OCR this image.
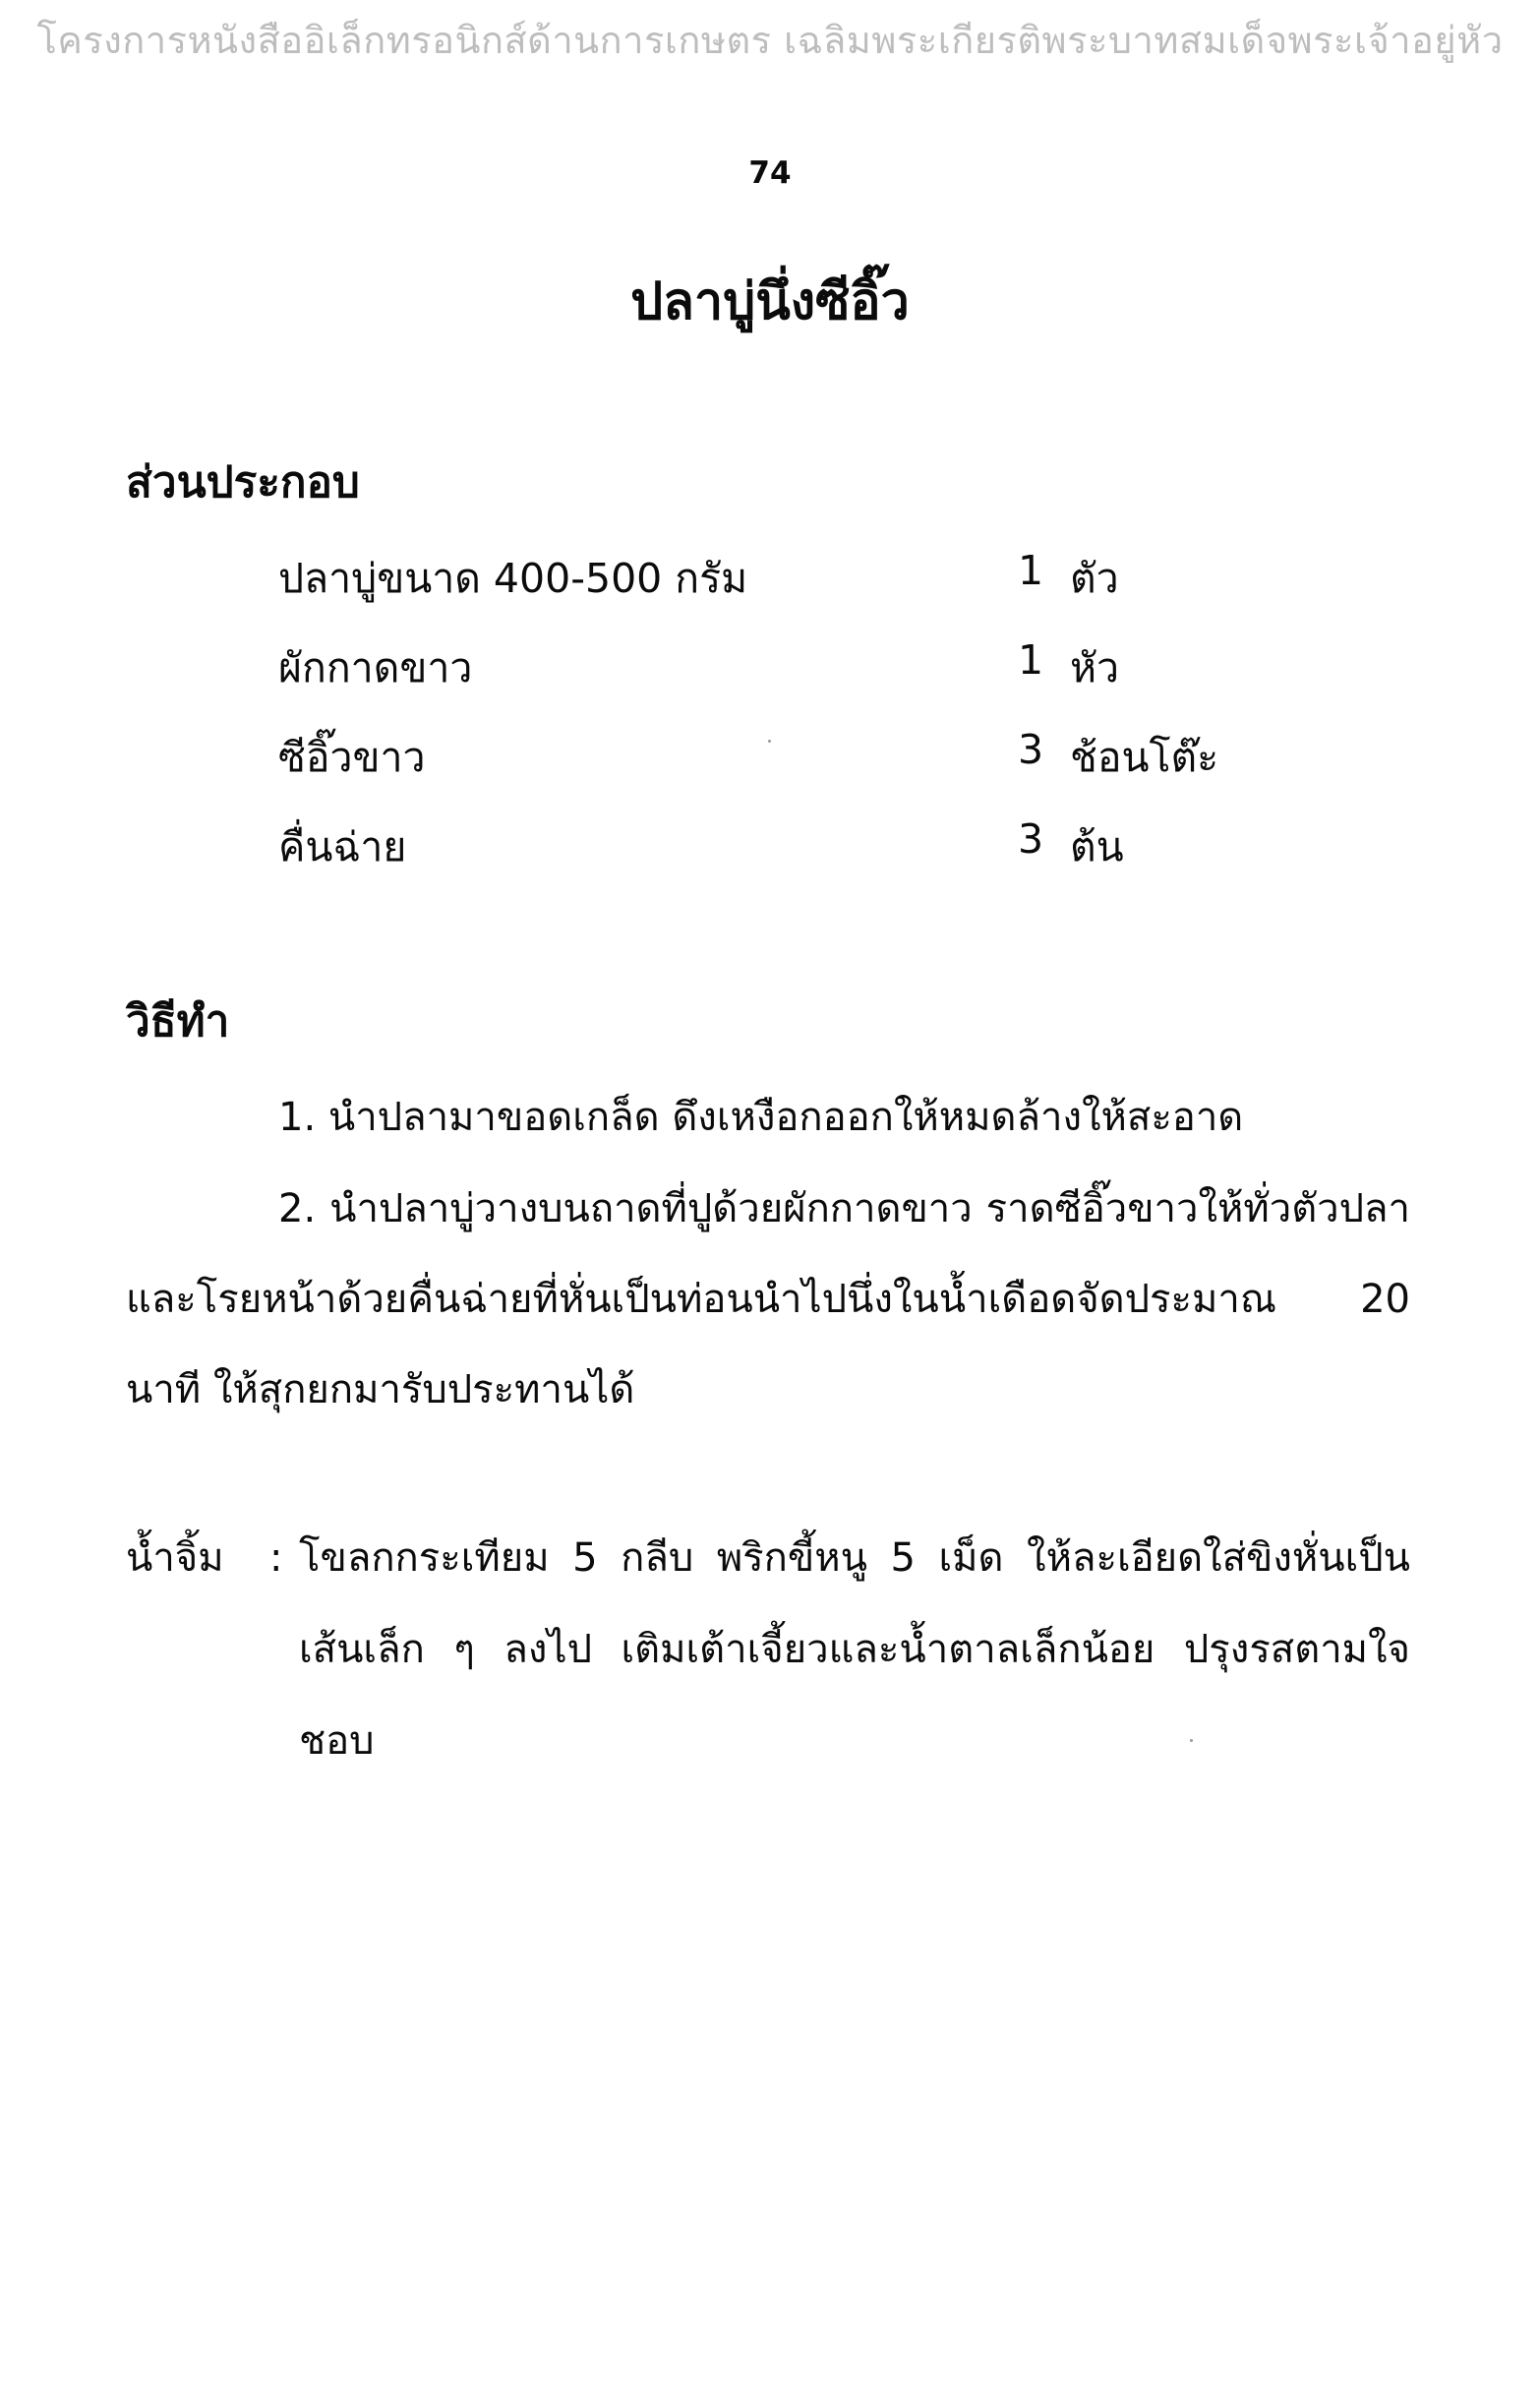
โครงการหนังสืออิเล็กทรอนิกส์ด้านการเกษตร เฉลิมพระเกียรติพระบาทสมเด็จพระเจ้าอยู่หัว
74
ปลาบู่นึ่งซีอิ๊ว
ส่วนประกอบ
ปลาบู่ขนาด 400-500 กรัม	1 ตัว
ผักกาดขาว	1 หัว
ซีอิ๊วขาว	3 ช้อนโต๊ะ
คื่นฉ่าย	3 ต้น
วิธีทำ
1. นำปลามาขอดเกล็ด ดึงเหงือกออกให้หมดล้างให้สะอาด
2. นำปลาบู่วางบนถาดที่ปูด้วยผักกาดขาว ราดซีอิ๊วขาวให้ทั่วตัวปลาและโรยหน้าด้วยคื่นฉ่ายที่หั่นเป็นท่อนนำไปนึ่งในน้ำเดือดจัดประมาณ 20 นาที ให้สุกยกมารับประทานได้
น้ำจิ้ม : โขลกกระเทียม 5 กลีบ พริกขี้หนู 5 เม็ด ให้ละเอียดใส่ขิงหั่นเป็นเส้นเล็ก ๆ ลงไป เติมเต้าเจี้ยวและน้ำตาลเล็กน้อย ปรุงรสตามใจชอบ
